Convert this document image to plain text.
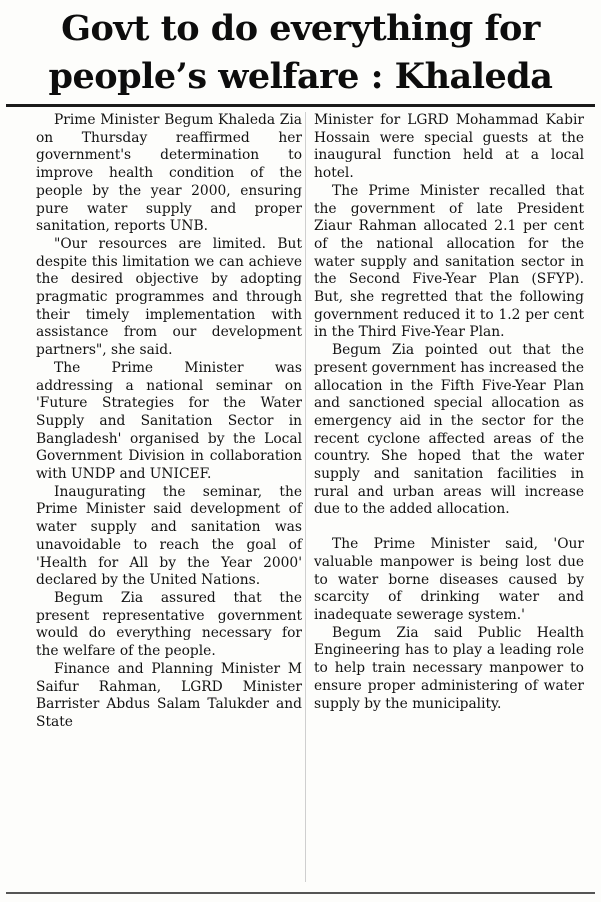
Govt to do everything for
people’s welfare : Khaleda

Prime Minister Begum Khaleda Zia on Thursday reaffirmed her government's determination to improve health condition of the people by the year 2000, ensuring pure water supply and proper sanitation, reports UNB.

"Our resources are limited. But despite this limitation we can achieve the desired objective by adopting pragmatic programmes and through their timely implementation with assistance from our development partners", she said.

The Prime Minister was addressing a national seminar on 'Future Strategies for the Water Supply and Sanitation Sector in Bangladesh' organised by the Local Government Division in collaboration with UNDP and UNICEF.

Inaugurating the seminar, the Prime Minister said development of water supply and sanitation was unavoidable to reach the goal of 'Health for All by the Year 2000' declared by the United Nations.

Begum Zia assured that the present representative government would do everything necessary for the welfare of the people.

Finance and Planning Minister M Saifur Rahman, LGRD Minister Barrister Abdus Salam Talukder and State

Minister for LGRD Mohammad Kabir Hossain were special guests at the inaugural function held at a local hotel.

The Prime Minister recalled that the government of late President Ziaur Rahman allocated 2.1 per cent of the national allocation for the water supply and sanitation sector in the Second Five-Year Plan (SFYP). But, she regretted that the following government reduced it to 1.2 per cent in the Third Five-Year Plan.

Begum Zia pointed out that the present government has increased the allocation in the Fifth Five-Year Plan and sanctioned special allocation as emergency aid in the sector for the recent cyclone affected areas of the country. She hoped that the water supply and sanitation facilities in rural and urban areas will increase due to the added allocation.

The Prime Minister said, 'Our valuable manpower is being lost due to water borne diseases caused by scarcity of drinking water and inadequate sewerage system.'

Begum Zia said Public Health Engineering has to play a leading role to help train necessary manpower to ensure proper administering of water supply by the municipality.
